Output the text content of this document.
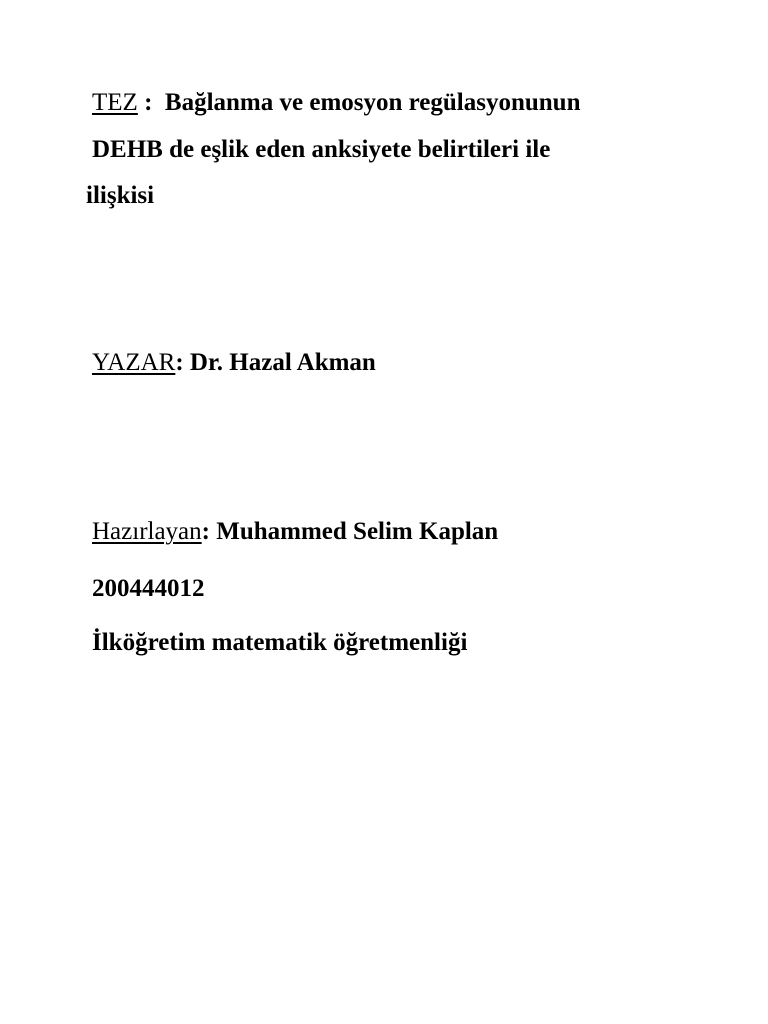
TEZ :  Bağlanma ve emosyon regülasyonunun
DEHB de eşlik eden anksiyete belirtileri ile
ilişkisi
YAZAR: Dr. Hazal Akman
Hazırlayan: Muhammed Selim Kaplan
200444012
İlköğretim matematik öğretmenliği
